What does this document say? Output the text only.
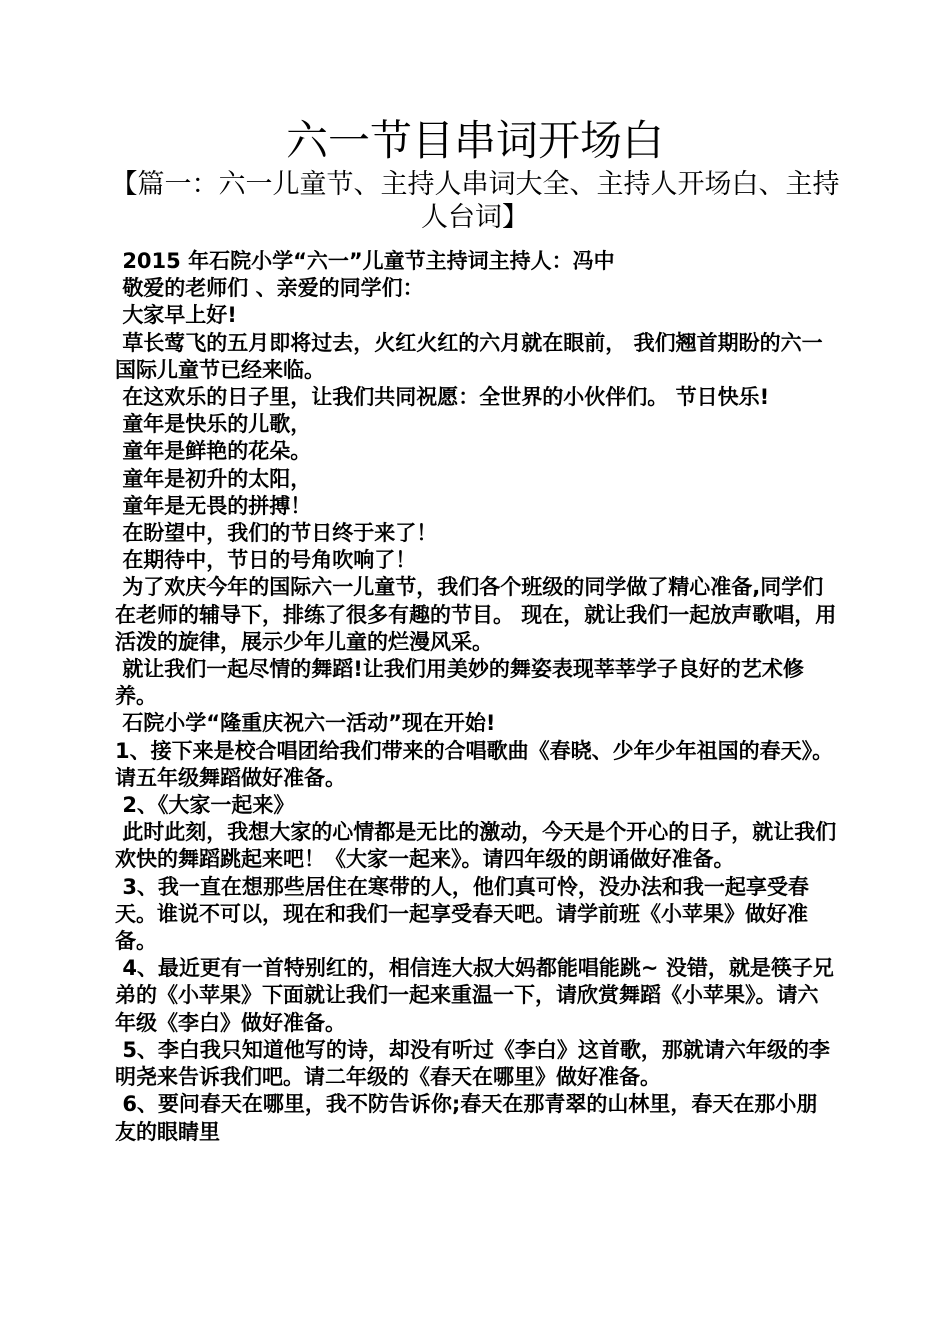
六一节目串词开场白
【篇一：六一儿童节、主持人串词大全、主持人开场白、主持人台词】

2015 年石院小学“六一”儿童节主持词主持人：冯中

敬爱的老师们 、亲爱的同学们：

大家早上好!

草长莺飞的五月即将过去，火红火红的六月就在眼前， 我们翘首期盼的六一国际儿童节已经来临。

在这欢乐的日子里，让我们共同祝愿：全世界的小伙伴们。 节日快乐!

童年是快乐的儿歌，

童年是鲜艳的花朵。

童年是初升的太阳，

童年是无畏的拼搏！

在盼望中，我们的节日终于来了！

在期待中，节日的号角吹响了！

为了欢庆今年的国际六一儿童节，我们各个班级的同学做了精心准备,同学们在老师的辅导下，排练了很多有趣的节目。 现在，就让我们一起放声歌唱，用活泼的旋律，展示少年儿童的烂漫风采。

就让我们一起尽情的舞蹈!让我们用美妙的舞姿表现莘莘学子良好的艺术修养。

石院小学“隆重庆祝六一活动”现在开始!

1、接下来是校合唱团给我们带来的合唱歌曲《春晓、少年少年祖国的春天》。请五年级舞蹈做好准备。

2、《大家一起来》

此时此刻，我想大家的心情都是无比的激动，今天是个开心的日子，就让我们欢快的舞蹈跳起来吧！《大家一起来》。请四年级的朗诵做好准备。

3、我一直在想那些居住在寒带的人，他们真可怜，没办法和我一起享受春天。谁说不可以，现在和我们一起享受春天吧。请学前班《小苹果》做好准备。

4、最近更有一首特别红的，相信连大叔大妈都能唱能跳~ 没错，就是筷子兄弟的《小苹果》下面就让我们一起来重温一下，请欣赏舞蹈《小苹果》。请六年级《李白》做好准备。

5、李白我只知道他写的诗，却没有听过《李白》这首歌，那就请六年级的李明尧来告诉我们吧。请二年级的《春天在哪里》做好准备。

6、要问春天在哪里，我不防告诉你;春天在那青翠的山林里，春天在那小朋友的眼睛里
